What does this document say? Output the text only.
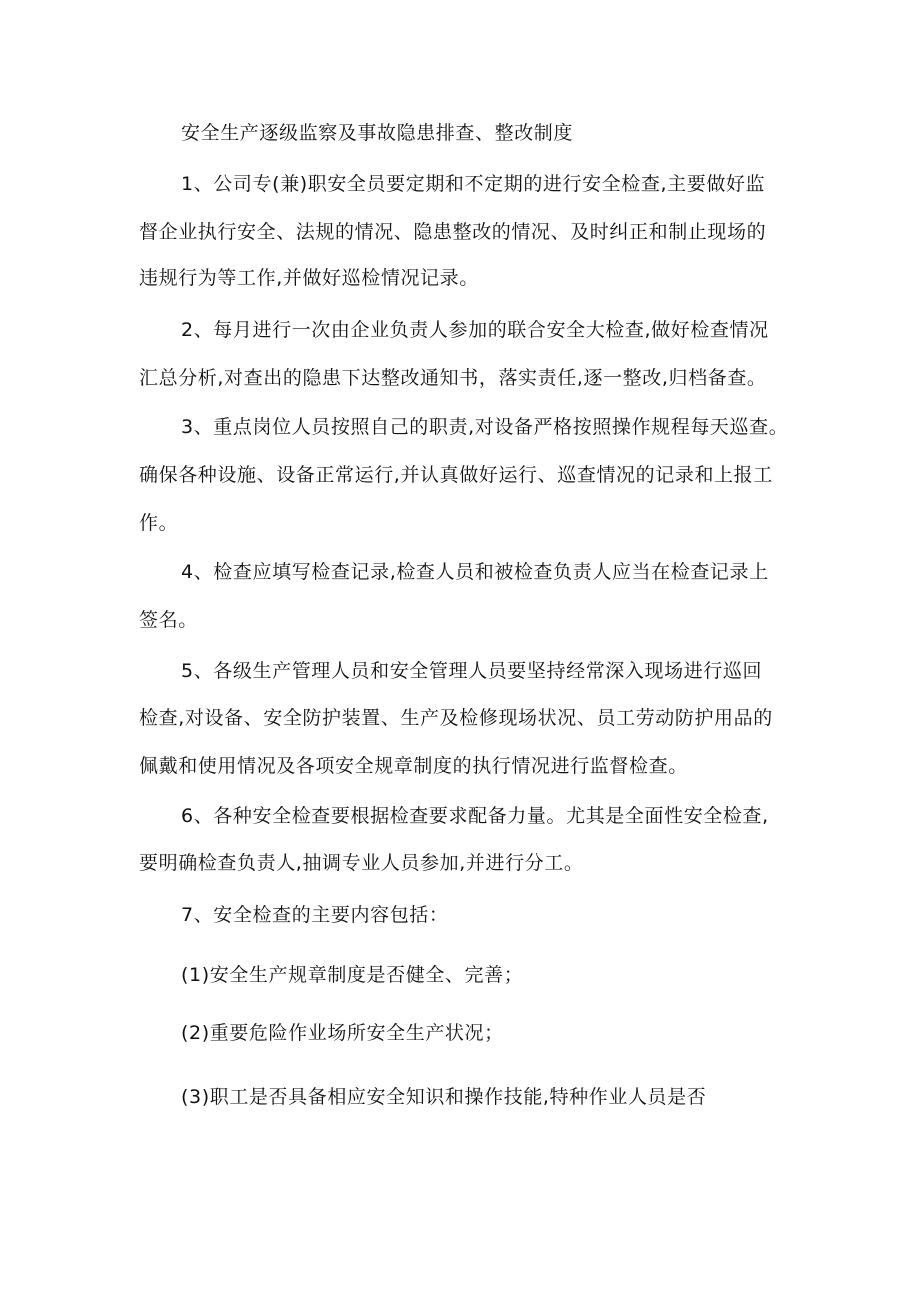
安全生产逐级监察及事故隐患排查、整改制度
1、公司专(兼)职安全员要定期和不定期的进行安全检查,主要做好监
督企业执行安全、法规的情况、隐患整改的情况、及时纠正和制止现场的
违规行为等工作,并做好巡检情况记录。
2、每月进行一次由企业负责人参加的联合安全大检查,做好检查情况
汇总分析,对查出的隐患下达整改通知书，落实责任,逐一整改,归档备查。
3、重点岗位人员按照自己的职责,对设备严格按照操作规程每天巡查。
确保各种设施、设备正常运行,并认真做好运行、巡查情况的记录和上报工
作。
4、检查应填写检查记录,检查人员和被检查负责人应当在检查记录上
签名。
5、各级生产管理人员和安全管理人员要坚持经常深入现场进行巡回
检查,对设备、安全防护装置、生产及检修现场状况、员工劳动防护用品的
佩戴和使用情况及各项安全规章制度的执行情况进行监督检查。
6、各种安全检查要根据检查要求配备力量。尤其是全面性安全检查,
要明确检查负责人,抽调专业人员参加,并进行分工。
7、安全检查的主要内容包括：
(1)安全生产规章制度是否健全、完善；
(2)重要危险作业场所安全生产状况；
(3)职工是否具备相应安全知识和操作技能,特种作业人员是否
